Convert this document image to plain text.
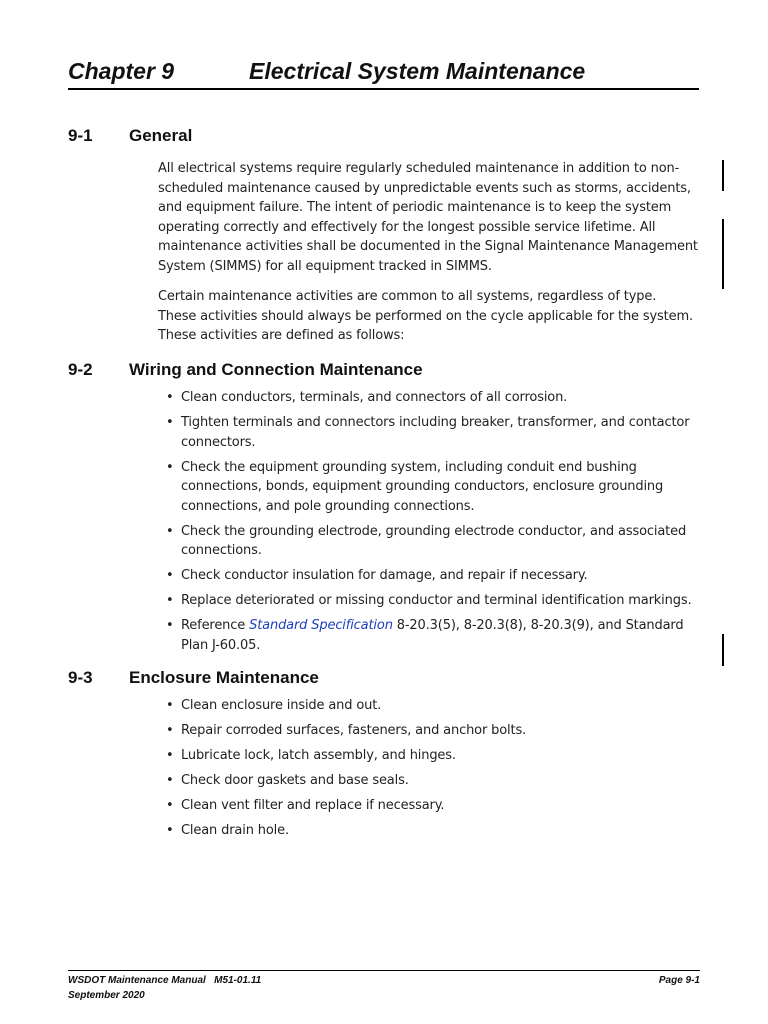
Chapter 9	Electrical System Maintenance
9-1 General

All electrical systems require regularly scheduled maintenance in addition to non-scheduled maintenance caused by unpredictable events such as storms, accidents, and equipment failure. The intent of periodic maintenance is to keep the system operating correctly and effectively for the longest possible service lifetime. All maintenance activities shall be documented in the Signal Maintenance Management System (SIMMS) for all equipment tracked in SIMMS.

Certain maintenance activities are common to all systems, regardless of type. These activities should always be performed on the cycle applicable for the system. These activities are defined as follows:

9-2 Wiring and Connection Maintenance
• Clean conductors, terminals, and connectors of all corrosion.
• Tighten terminals and connectors including breaker, transformer, and contactor connectors.
• Check the equipment grounding system, including conduit end bushing connections, bonds, equipment grounding conductors, enclosure grounding connections, and pole grounding connections.
• Check the grounding electrode, grounding electrode conductor, and associated connections.
• Check conductor insulation for damage, and repair if necessary.
• Replace deteriorated or missing conductor and terminal identification markings.
• Reference Standard Specification 8-20.3(5), 8-20.3(8), 8-20.3(9), and Standard Plan J-60.05.
9-3 Enclosure Maintenance
• Clean enclosure inside and out.
• Repair corroded surfaces, fasteners, and anchor bolts.
• Lubricate lock, latch assembly, and hinges.
• Check door gaskets and base seals.
• Clean vent filter and replace if necessary.
• Clean drain hole.
WSDOT Maintenance Manual   M51-01.11
September 2020
Page 9-1
